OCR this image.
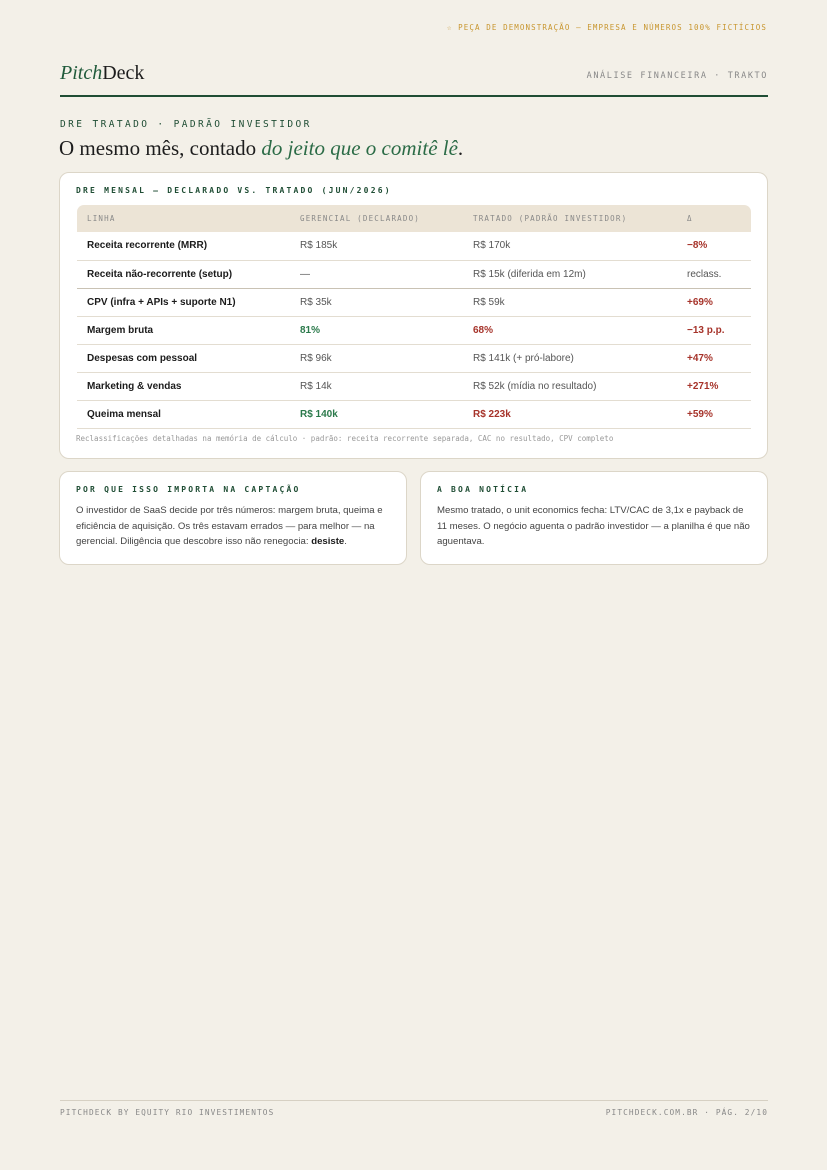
☆ PEÇA DE DEMONSTRAÇÃO — EMPRESA E NÚMEROS 100% FICTÍCIOS
PitchDeck	ANÁLISE FINANCEIRA · TRAKTO
DRE TRATADO · PADRÃO INVESTIDOR
O mesmo mês, contado do jeito que o comitê lê.
DRE MENSAL — DECLARADO VS. TRATADO (JUN/2026)
LINHA	GERENCIAL (DECLARADO)	TRATADO (PADRÃO INVESTIDOR)	Δ
Receita recorrente (MRR)	R$ 185k	R$ 170k	−8%
Receita não-recorrente (setup)	—	R$ 15k (diferida em 12m)	reclass.
CPV (infra + APIs + suporte N1)	R$ 35k	R$ 59k	+69%
Margem bruta	81%	68%	−13 p.p.
Despesas com pessoal	R$ 96k	R$ 141k (+ pró-labore)	+47%
Marketing & vendas	R$ 14k	R$ 52k (mídia no resultado)	+271%
Queima mensal	R$ 140k	R$ 223k	+59%
Reclassificações detalhadas na memória de cálculo · padrão: receita recorrente separada, CAC no resultado, CPV completo
POR QUE ISSO IMPORTA NA CAPTAÇÃO
O investidor de SaaS decide por três números: margem bruta, queima e eficiência de aquisição. Os três estavam errados — para melhor — na gerencial. Diligência que descobre isso não renegocia: desiste.
A BOA NOTÍCIA
Mesmo tratado, o unit economics fecha: LTV/CAC de 3,1x e payback de 11 meses. O negócio aguenta o padrão investidor — a planilha é que não aguentava.
PITCHDECK BY EQUITY RIO INVESTIMENTOS	PITCHDECK.COM.BR · PÁG. 2/10
